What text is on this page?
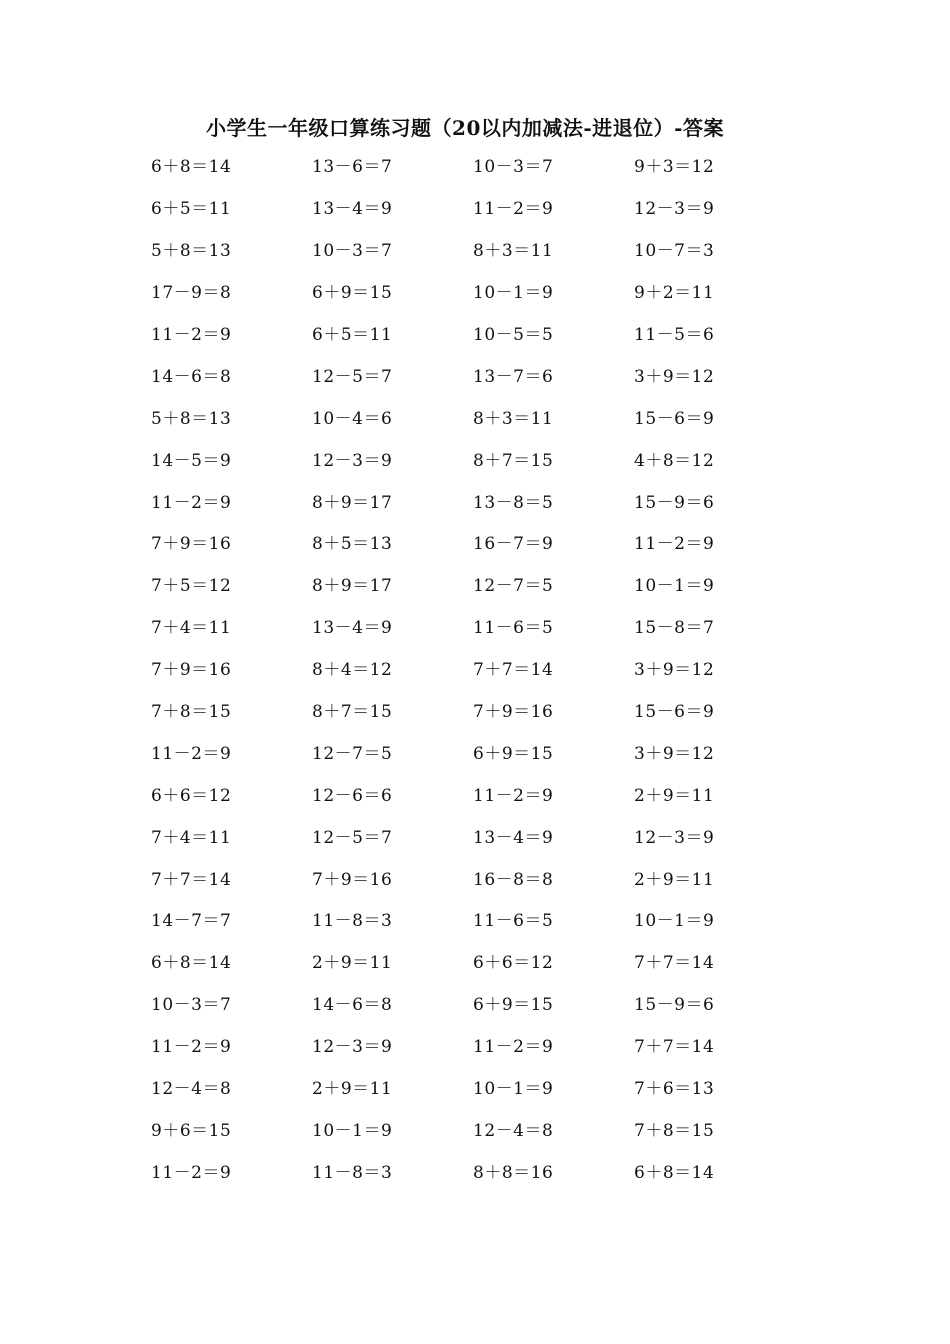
小学生一年级口算练习题（20以内加减法-进退位）-答案
6＋8＝14	13－6＝7	10－3＝7	9＋3＝12
6＋5＝11	13－4＝9	11－2＝9	12－3＝9
5＋8＝13	10－3＝7	8＋3＝11	10－7＝3
17－9＝8	6＋9＝15	10－1＝9	9＋2＝11
11－2＝9	6＋5＝11	10－5＝5	11－5＝6
14－6＝8	12－5＝7	13－7＝6	3＋9＝12
5＋8＝13	10－4＝6	8＋3＝11	15－6＝9
14－5＝9	12－3＝9	8＋7＝15	4＋8＝12
11－2＝9	8＋9＝17	13－8＝5	15－9＝6
7＋9＝16	8＋5＝13	16－7＝9	11－2＝9
7＋5＝12	8＋9＝17	12－7＝5	10－1＝9
7＋4＝11	13－4＝9	11－6＝5	15－8＝7
7＋9＝16	8＋4＝12	7＋7＝14	3＋9＝12
7＋8＝15	8＋7＝15	7＋9＝16	15－6＝9
11－2＝9	12－7＝5	6＋9＝15	3＋9＝12
6＋6＝12	12－6＝6	11－2＝9	2＋9＝11
7＋4＝11	12－5＝7	13－4＝9	12－3＝9
7＋7＝14	7＋9＝16	16－8＝8	2＋9＝11
14－7＝7	11－8＝3	11－6＝5	10－1＝9
6＋8＝14	2＋9＝11	6＋6＝12	7＋7＝14
10－3＝7	14－6＝8	6＋9＝15	15－9＝6
11－2＝9	12－3＝9	11－2＝9	7＋7＝14
12－4＝8	2＋9＝11	10－1＝9	7＋6＝13
9＋6＝15	10－1＝9	12－4＝8	7＋8＝15
11－2＝9	11－8＝3	8＋8＝16	6＋8＝14
